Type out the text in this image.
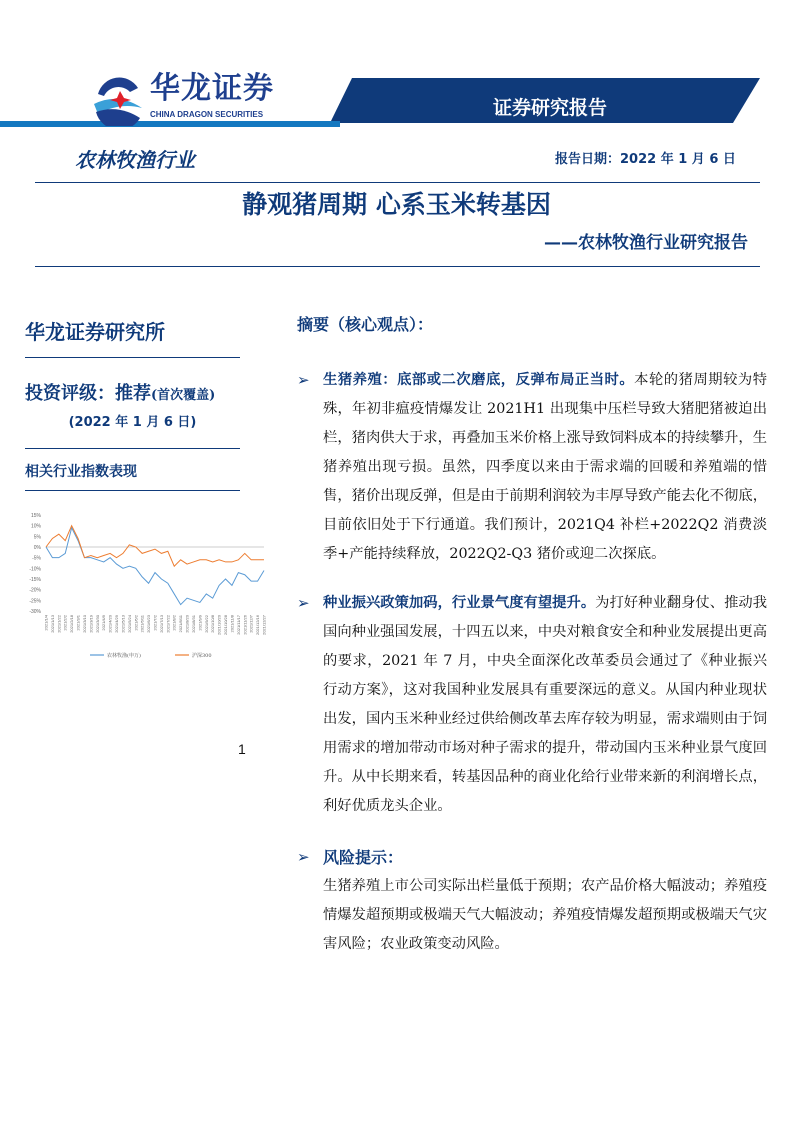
华龙证券
CHINA DRAGON SECURITIES	证券研究报告
农林牧渔行业	报告日期：2022 年 1 月 6 日
静观猪周期 心系玉米转基因
——农林牧渔行业研究报告
华龙证券研究所
投资评级：推荐(首次覆盖)
(2022 年 1 月 6 日)
相关行业指数表现
15%
10%
5%
0%
-5%
-10%
-15%
-20%
-25%
-30%
2021/1/4 2021/1/13 2021/1/22 2021/2/2 2021/2/18 2021/3/1 2021/3/10 2021/3/19 2021/3/30 2021/4/9 2021/4/20 2021/4/29 2021/5/13 2021/5/24 2021/6/2 2021/6/11 2021/6/23 2021/7/2 2021/7/13 2021/7/22 2021/8/2 2021/8/11 2021/8/20 2021/8/31 2021/9/9 2021/9/22 2021/10/8 2021/10/20 2021/10/28 2021/11/8 2021/11/17 2021/11/26 2021/12/7 2021/12/16 2021/12/27
农林牧渔(申万)	沪深300
1
摘要（核心观点）：
➢ 生猪养殖：底部或二次磨底，反弹布局正当时。本轮的猪周期较为特殊，年初非瘟疫情爆发让 2021H1 出现集中压栏导致大猪肥猪被迫出栏，猪肉供大于求，再叠加玉米价格上涨导致饲料成本的持续攀升，生猪养殖出现亏损。虽然，四季度以来由于需求端的回暖和养殖端的惜售，猪价出现反弹，但是由于前期利润较为丰厚导致产能去化不彻底，目前依旧处于下行通道。我们预计，2021Q4 补栏+2022Q2 消费淡季+产能持续释放，2022Q2-Q3 猪价或迎二次探底。
➢ 种业振兴政策加码，行业景气度有望提升。为打好种业翻身仗、推动我国向种业强国发展，十四五以来，中央对粮食安全和种业发展提出更高的要求，2021 年 7 月，中央全面深化改革委员会通过了《种业振兴行动方案》，这对我国种业发展具有重要深远的意义。从国内种业现状出发，国内玉米种业经过供给侧改革去库存较为明显，需求端则由于饲用需求的增加带动市场对种子需求的提升，带动国内玉米种业景气度回升。从中长期来看，转基因品种的商业化给行业带来新的利润增长点，利好优质龙头企业。
➢ 风险提示：
生猪养殖上市公司实际出栏量低于预期；农产品价格大幅波动；养殖疫情爆发超预期或极端天气大幅波动；养殖疫情爆发超预期或极端天气灾害风险；农业政策变动风险。
